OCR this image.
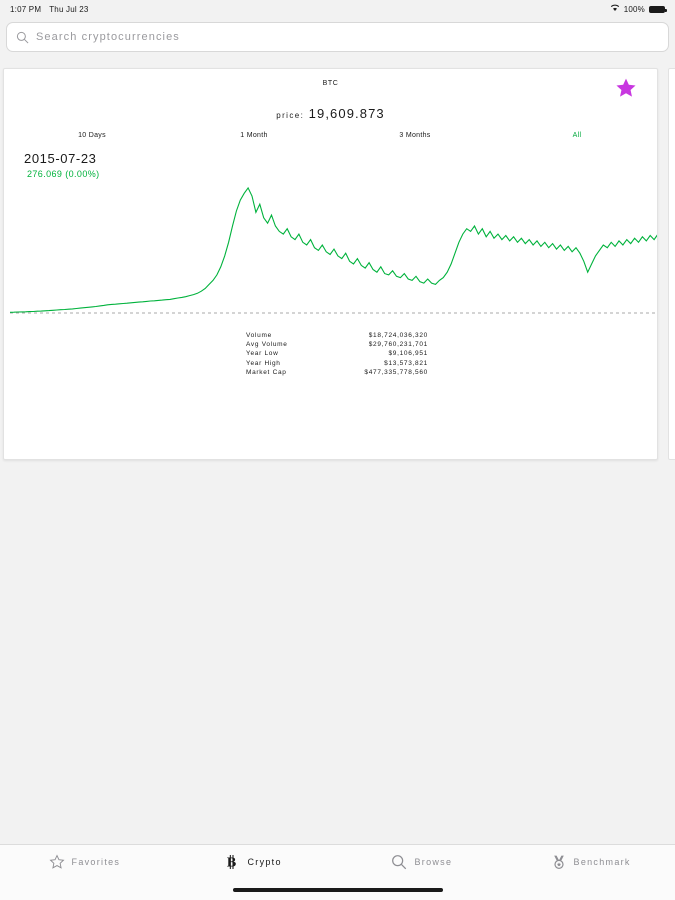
1:07 PM Thu Jul 23	100%
Search cryptocurrencies
BTC
price: 19,609.873
10 Days	1 Month	3 Months	All
2015-07-23
276.069 (0.00%)
Volume	$18,724,036,320
Avg Volume	$29,760,231,701
Year Low	$9,106,951
Year High	$13,573,821
Market Cap	$477,335,778,560
Favorites	B Crypto	Browse	Benchmark
